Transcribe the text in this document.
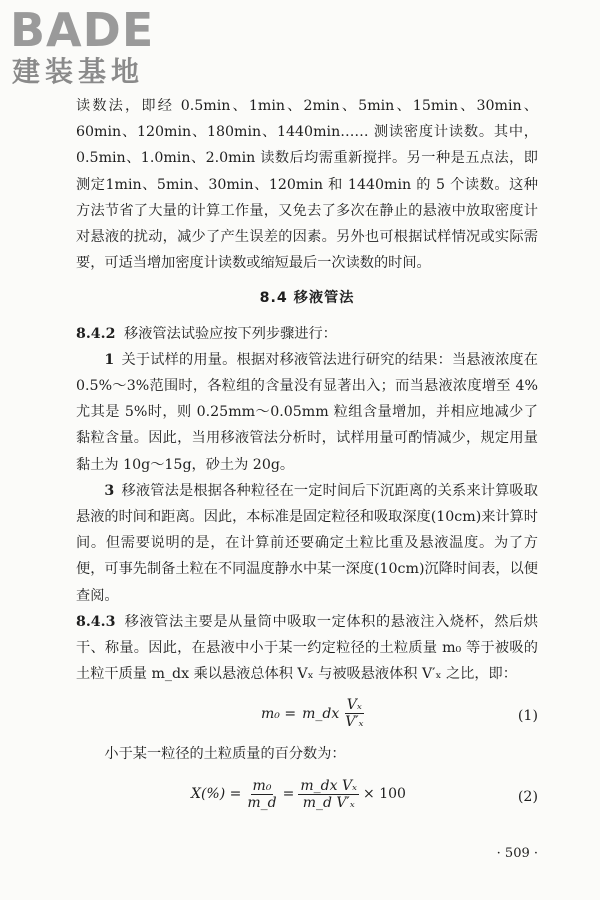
BADE
建装基地

读数法，即经 0.5min、1min、2min、5min、15min、30min、60min、120min、180min、1440min…… 测读密度计读数。其中，0.5min、1.0min、2.0min 读数后均需重新搅拌。另一种是五点法，即测定1min、5min、30min、120min 和 1440min 的 5 个读数。这种方法节省了大量的计算工作量，又免去了多次在静止的悬液中放取密度计对悬液的扰动，减少了产生误差的因素。另外也可根据试样情况或实际需要，可适当增加密度计读数或缩短最后一次读数的时间。

8.4 移液管法

8.4.2 移液管法试验应按下列步骤进行：

1 关于试样的用量。根据对移液管法进行研究的结果：当悬液浓度在 0.5%～3%范围时，各粒组的含量没有显著出入；而当悬液浓度增至 4%尤其是 5%时，则 0.25mm～0.05mm 粒组含量增加，并相应地减少了黏粒含量。因此，当用移液管法分析时，试样用量可酌情减少，规定用量黏土为 10g～15g，砂土为 20g。

3 移液管法是根据各种粒径在一定时间后下沉距离的关系来计算吸取悬液的时间和距离。因此，本标准是固定粒径和吸取深度(10cm)来计算时间。但需要说明的是，在计算前还要确定土粒比重及悬液温度。为了方便，可事先制备土粒在不同温度静水中某一深度(10cm)沉降时间表，以便查阅。

8.4.3 移液管法主要是从量筒中吸取一定体积的悬液注入烧杯，然后烘干、称量。因此，在悬液中小于某一约定粒径的土粒质量 m₀ 等于被吸的土粒干质量 m_dx 乘以悬液总体积 Vₓ 与被吸悬液体积 V′ₓ 之比，即：

m₀ = m_dx $\frac{\text{Vₓ}}{\text{V′ₓ}}$	(1)

小于某一粒径的土粒质量的百分数为：

$X(\%) = \frac{\text{m₀}}{m\_d} = \frac{\text{m\_dx Vₓ}}{\text{m\_d V′ₓ}} \times 100$	(2)
· 509 ·
